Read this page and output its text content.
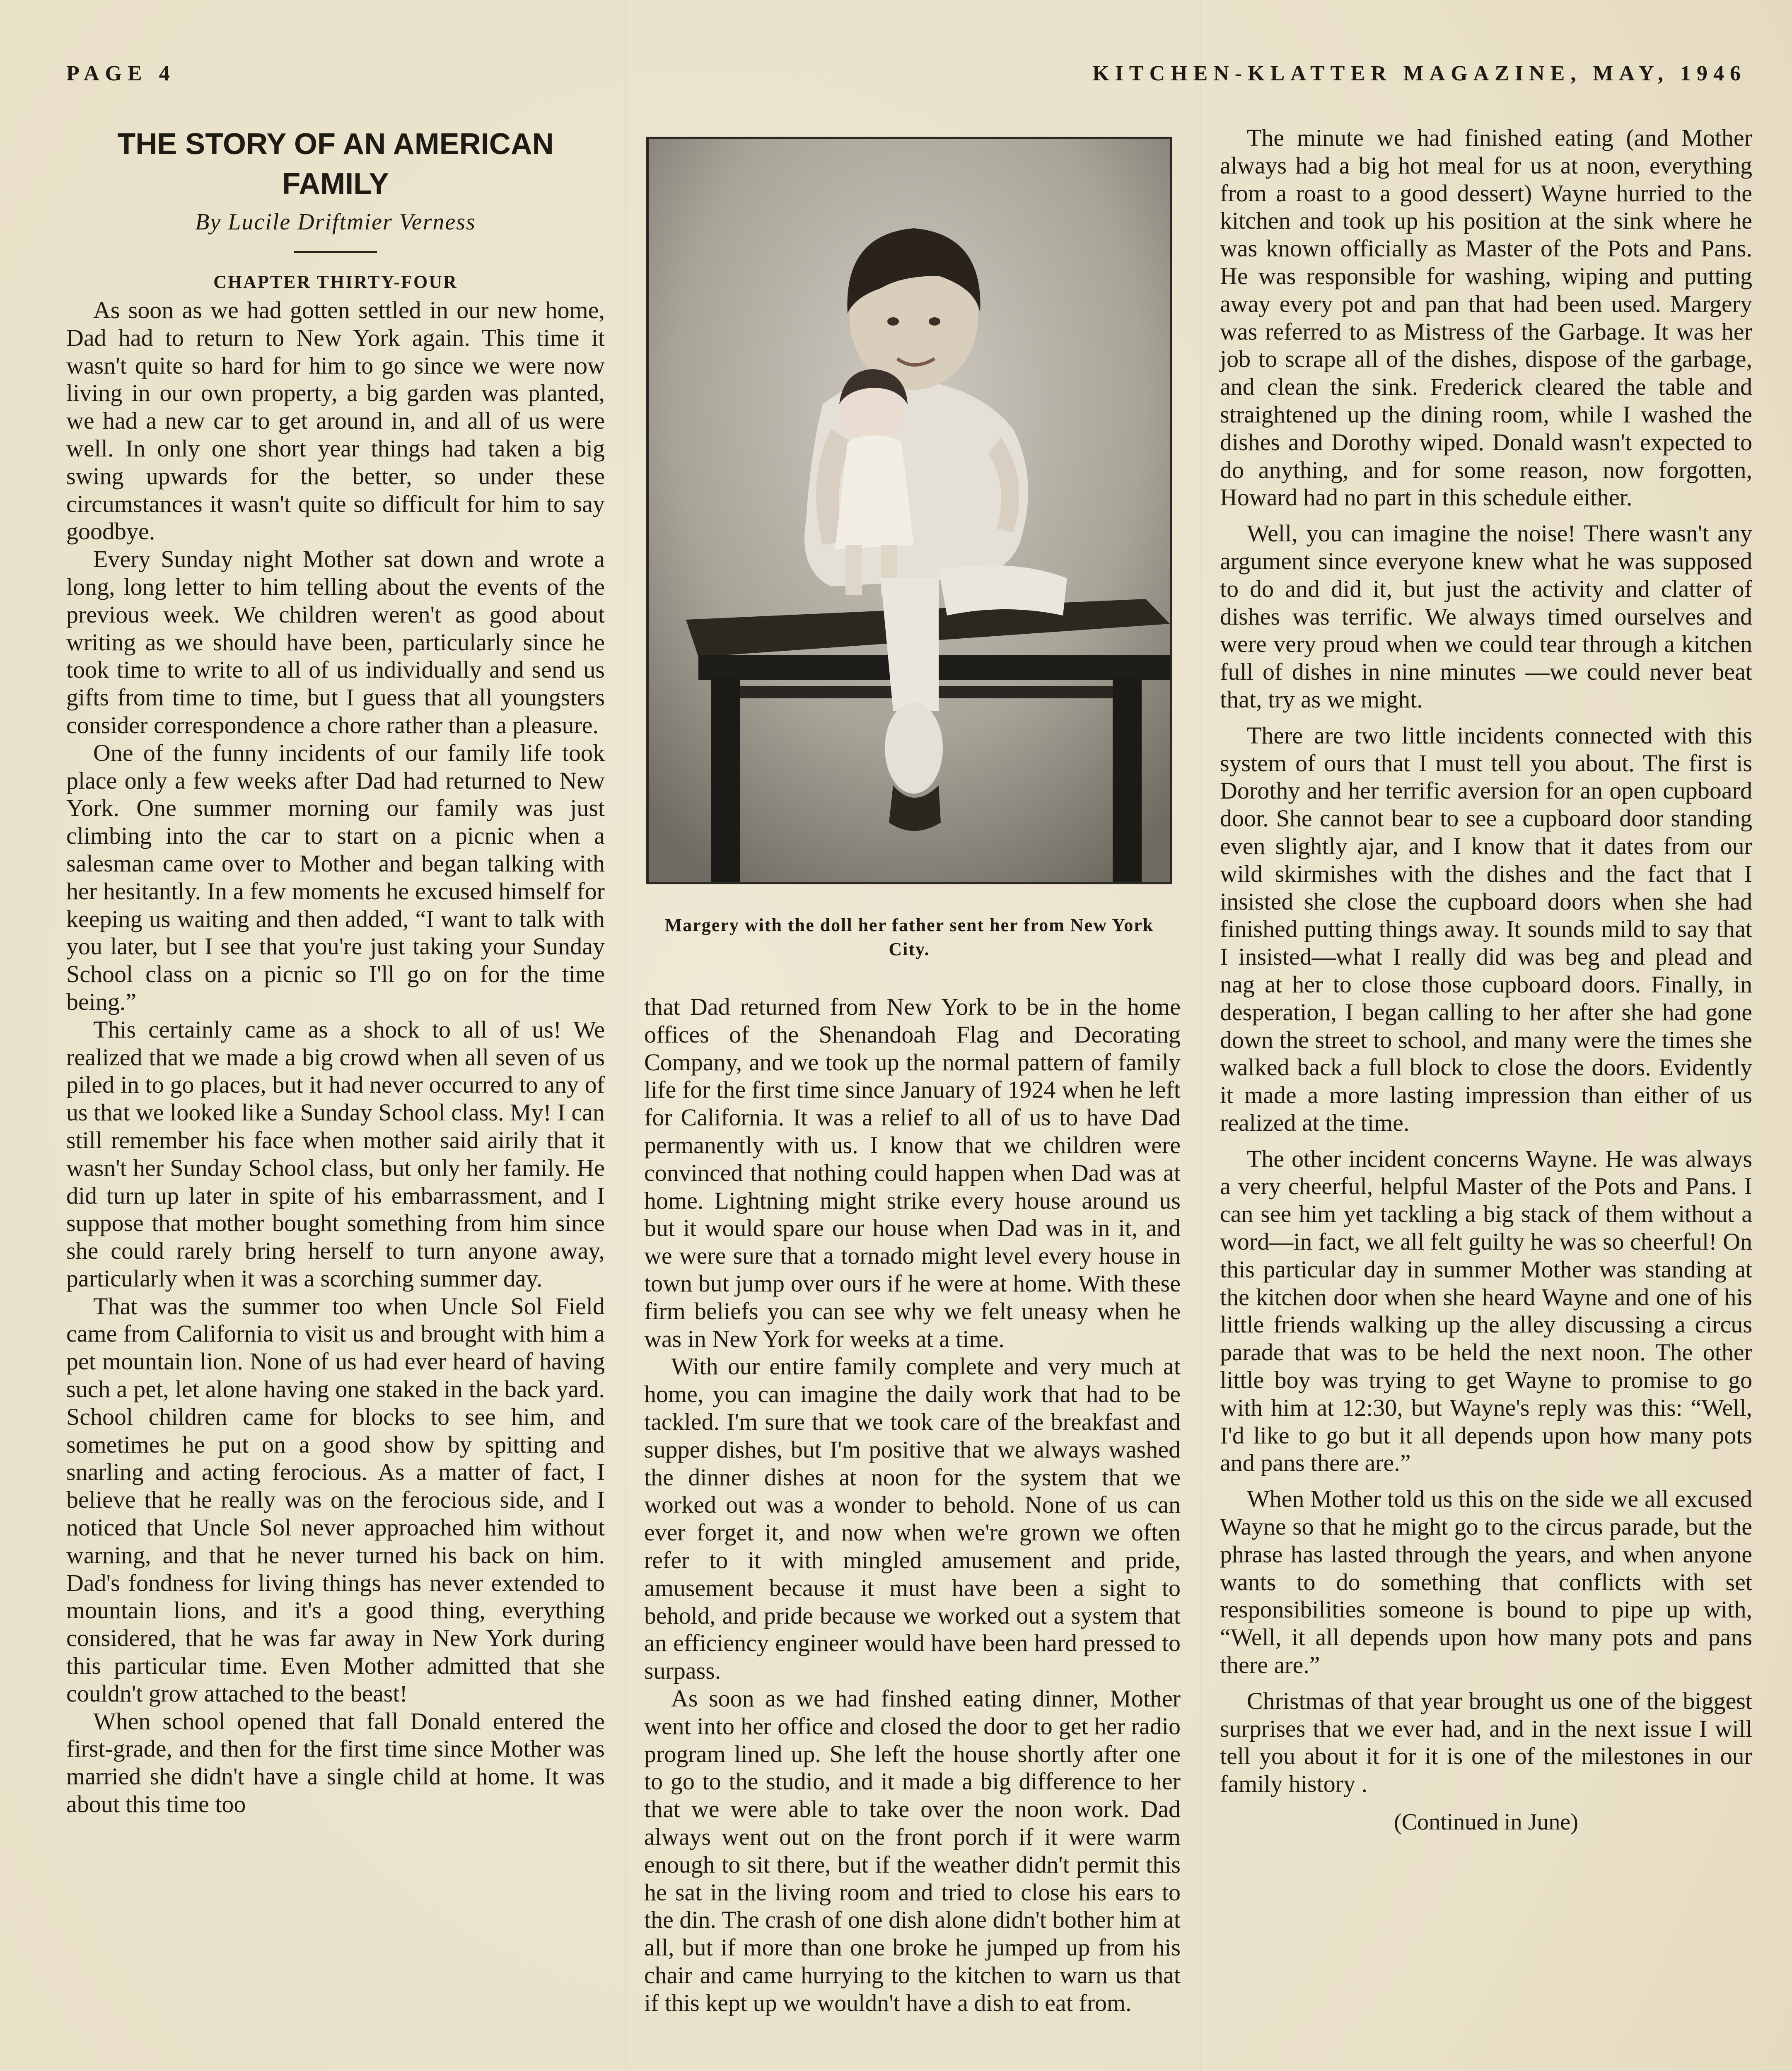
PAGE 4	KITCHEN-KLATTER MAGAZINE, MAY, 1946
THE STORY OF AN AMERICAN FAMILY

By Lucile Driftmier Verness

CHAPTER THIRTY-FOUR

As soon as we had gotten settled in our new home, Dad had to return to New York again. This time it wasn't quite so hard for him to go since we were now living in our own property, a big garden was planted, we had a new car to get around in, and all of us were well. In only one short year things had taken a big swing upwards for the better, so under these circumstances it wasn't quite so difficult for him to say goodbye.

Every Sunday night Mother sat down and wrote a long, long letter to him telling about the events of the previous week. We children weren't as good about writing as we should have been, particularly since he took time to write to all of us individually and send us gifts from time to time, but I guess that all youngsters consider correspondence a chore rather than a pleasure.

One of the funny incidents of our family life took place only a few weeks after Dad had returned to New York. One summer morning our family was just climbing into the car to start on a picnic when a salesman came over to Mother and began talking with her hesitantly. In a few moments he excused himself for keeping us waiting and then added, “I want to talk with you later, but I see that you're just taking your Sunday School class on a picnic so I'll go on for the time being.”

This certainly came as a shock to all of us! We realized that we made a big crowd when all seven of us piled in to go places, but it had never occurred to any of us that we looked like a Sunday School class. My! I can still remember his face when mother said airily that it wasn't her Sunday School class, but only her family. He did turn up later in spite of his embarrassment, and I suppose that mother bought something from him since she could rarely bring herself to turn anyone away, particularly when it was a scorching summer day.

That was the summer too when Uncle Sol Field came from California to visit us and brought with him a pet mountain lion. None of us had ever heard of having such a pet, let alone having one staked in the back yard. School children came for blocks to see him, and sometimes he put on a good show by spitting and snarling and acting ferocious. As a matter of fact, I believe that he really was on the ferocious side, and I noticed that Uncle Sol never approached him without warning, and that he never turned his back on him. Dad's fondness for living things has never extended to mountain lions, and it's a good thing, everything considered, that he was far away in New York during this particular time. Even Mother admitted that she couldn't grow attached to the beast!

When school opened that fall Donald entered the first-grade, and then for the first time since Mother was married she didn't have a single child at home. It was about this time too

Margery with the doll her father sent her from New York City.

that Dad returned from New York to be in the home offices of the Shenandoah Flag and Decorating Company, and we took up the normal pattern of family life for the first time since January of 1924 when he left for California. It was a relief to all of us to have Dad permanently with us. I know that we children were convinced that nothing could happen when Dad was at home. Lightning might strike every house around us but it would spare our house when Dad was in it, and we were sure that a tornado might level every house in town but jump over ours if he were at home. With these firm beliefs you can see why we felt uneasy when he was in New York for weeks at a time.

With our entire family complete and very much at home, you can imagine the daily work that had to be tackled. I'm sure that we took care of the breakfast and supper dishes, but I'm positive that we always washed the dinner dishes at noon for the system that we worked out was a wonder to behold. None of us can ever forget it, and now when we're grown we often refer to it with mingled amusement and pride, amusement because it must have been a sight to behold, and pride because we worked out a system that an efficiency engineer would have been hard pressed to surpass.

As soon as we had finshed eating dinner, Mother went into her office and closed the door to get her radio program lined up. She left the house shortly after one to go to the studio, and it made a big difference to her that we were able to take over the noon work. Dad always went out on the front porch if it were warm enough to sit there, but if the weather didn't permit this he sat in the living room and tried to close his ears to the din. The crash of one dish alone didn't bother him at all, but if more than one broke he jumped up from his chair and came hurrying to the kitchen to warn us that if this kept up we wouldn't have a dish to eat from.

The minute we had finished eating (and Mother always had a big hot meal for us at noon, everything from a roast to a good dessert) Wayne hurried to the kitchen and took up his position at the sink where he was known officially as Master of the Pots and Pans. He was responsible for washing, wiping and putting away every pot and pan that had been used. Margery was referred to as Mistress of the Garbage. It was her job to scrape all of the dishes, dispose of the garbage, and clean the sink. Frederick cleared the table and straightened up the dining room, while I washed the dishes and Dorothy wiped. Donald wasn't expected to do anything, and for some reason, now forgotten, Howard had no part in this schedule either.

Well, you can imagine the noise! There wasn't any argument since everyone knew what he was supposed to do and did it, but just the activity and clatter of dishes was terrific. We always timed ourselves and were very proud when we could tear through a kitchen full of dishes in nine minutes —we could never beat that, try as we might.

There are two little incidents connected with this system of ours that I must tell you about. The first is Dorothy and her terrific aversion for an open cupboard door. She cannot bear to see a cupboard door standing even slightly ajar, and I know that it dates from our wild skirmishes with the dishes and the fact that I insisted she close the cupboard doors when she had finished putting things away. It sounds mild to say that I insisted—what I really did was beg and plead and nag at her to close those cupboard doors. Finally, in desperation, I began calling to her after she had gone down the street to school, and many were the times she walked back a full block to close the doors. Evidently it made a more lasting impression than either of us realized at the time.

The other incident concerns Wayne. He was always a very cheerful, helpful Master of the Pots and Pans. I can see him yet tackling a big stack of them without a word—in fact, we all felt guilty he was so cheerful! On this particular day in summer Mother was standing at the kitchen door when she heard Wayne and one of his little friends walking up the alley discussing a circus parade that was to be held the next noon. The other little boy was trying to get Wayne to promise to go with him at 12:30, but Wayne's reply was this: “Well, I'd like to go but it all depends upon how many pots and pans there are.”

When Mother told us this on the side we all excused Wayne so that he might go to the circus parade, but the phrase has lasted through the years, and when anyone wants to do something that conflicts with set responsibilities someone is bound to pipe up with, “Well, it all depends upon how many pots and pans there are.”

Christmas of that year brought us one of the biggest surprises that we ever had, and in the next issue I will tell you about it for it is one of the milestones in our family history .

(Continued in June)
